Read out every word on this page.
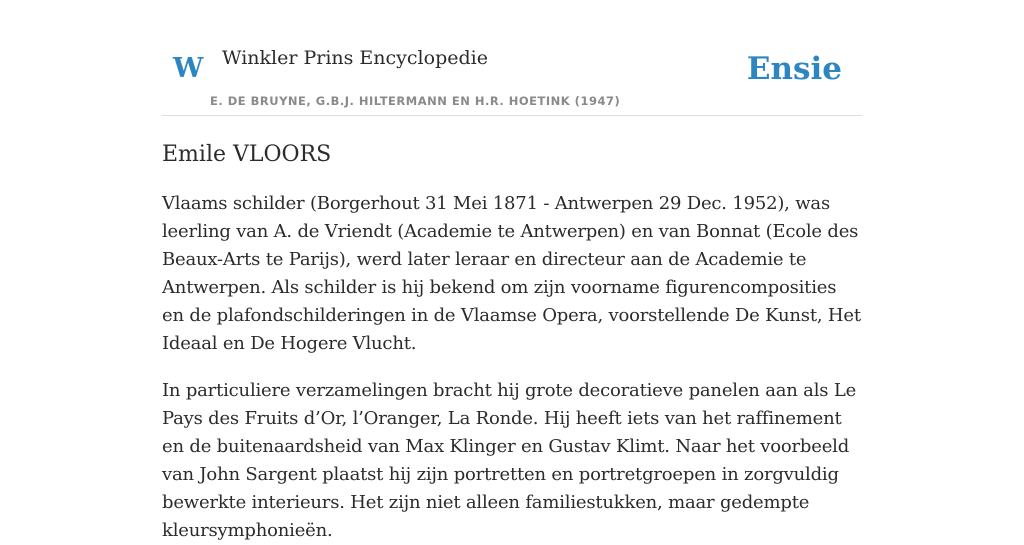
W Winkler Prins Encyclopedie
E. DE BRUYNE, G.B.J. HILTERMANN EN H.R. HOETINK (1947)
Ensie
Emile VLOORS

Vlaams schilder (Borgerhout 31 Mei 1871 - Antwerpen 29 Dec. 1952), was leerling van A. de Vriendt (Academie te Antwerpen) en van Bonnat (Ecole des Beaux-Arts te Parijs), werd later leraar en directeur aan de Academie te Antwerpen. Als schilder is hij bekend om zijn voorname figurencomposities en de plafondschilderingen in de Vlaamse Opera, voorstellende De Kunst, Het Ideaal en De Hogere Vlucht.

In particuliere verzamelingen bracht hij grote decoratieve panelen aan als Le Pays des Fruits d’Or, l’Oranger, La Ronde. Hij heeft iets van het raffinement en de buitenaardsheid van Max Klinger en Gustav Klimt. Naar het voorbeeld van John Sargent plaatst hij zijn portretten en portretgroepen in zorgvuldig bewerkte interieurs. Het zijn niet alleen familiestukken, maar gedempte kleursymphonieën.
